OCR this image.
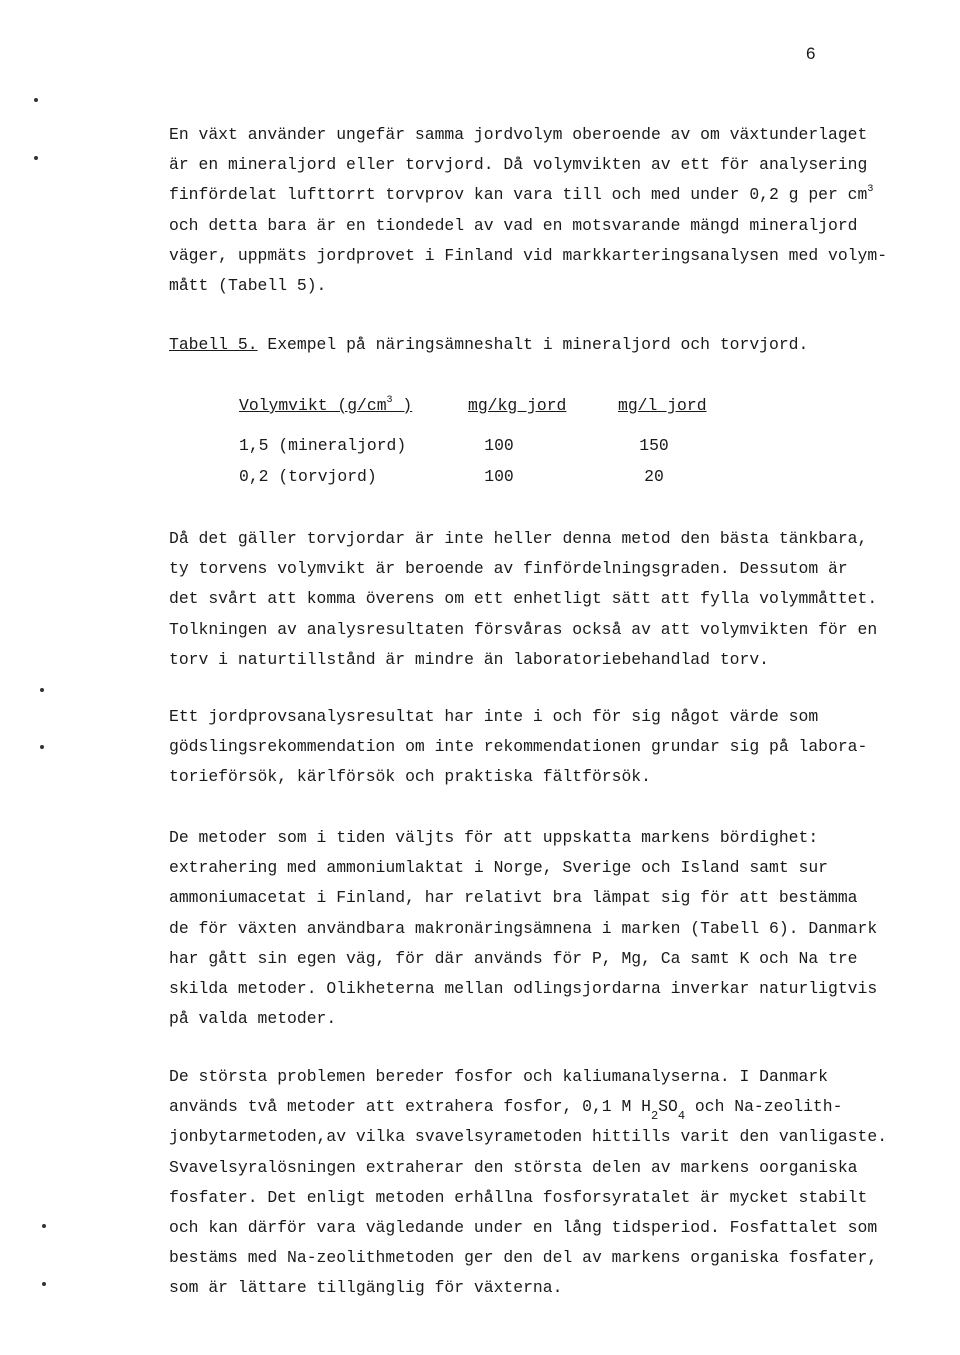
6
En växt använder ungefär samma jordvolym oberoende av om växtunderlaget
är en mineraljord eller torvjord. Då volymvikten av ett för analysering
finfördelat lufttorrt torvprov kan vara till och med under 0,2 g per $cm^3$
och detta bara är en tiondedel av vad en motsvarande mängd mineraljord
väger, uppmäts jordprovet i Finland vid markkarteringsanalysen med volym-
mått (Tabell 5).
Tabell 5. Exempel på näringsämneshalt i mineraljord och torvjord.
Volymvikt ($g/cm^3$ )	mg/kg jord	mg/l jord
1,5 (mineraljord)	100	150
0,2 (torvjord)	100	20
Då det gäller torvjordar är inte heller denna metod den bästa tänkbara,
ty torvens volymvikt är beroende av finfördelningsgraden. Dessutom är
det svårt att komma överens om ett enhetligt sätt att fylla volymmåttet.
Tolkningen av analysresultaten försvåras också av att volymvikten för en
torv i naturtillstånd är mindre än laboratoriebehandlad torv.
Ett jordprovsanalysresultat har inte i och för sig något värde som
gödslingsrekommendation om inte rekommendationen grundar sig på labora-
torieförsök, kärlförsök och praktiska fältförsök.
De metoder som i tiden väljts för att uppskatta markens bördighet:
extrahering med ammoniumlaktat i Norge, Sverige och Island samt sur
ammoniumacetat i Finland, har relativt bra lämpat sig för att bestämma
de för växten användbara makronäringsämnena i marken (Tabell 6). Danmark
har gått sin egen väg, för där används för P, Mg, Ca samt K och Na tre
skilda metoder. Olikheterna mellan odlingsjordarna inverkar naturligtvis
på valda metoder.
De största problemen bereder fosfor och kaliumanalyserna. I Danmark
används två metoder att extrahera fosfor, 0,1 M $H_2SO_4$ och Na-zeolith-
jonbytarmetoden,av vilka svavelsyrametoden hittills varit den vanligaste.
Svavelsyralösningen extraherar den största delen av markens oorganiska
fosfater. Det enligt metoden erhållna fosforsyratalet är mycket stabilt
och kan därför vara vägledande under en lång tidsperiod. Fosfattalet som
bestäms med Na-zeolithmetoden ger den del av markens organiska fosfater,
som är lättare tillgänglig för växterna.
